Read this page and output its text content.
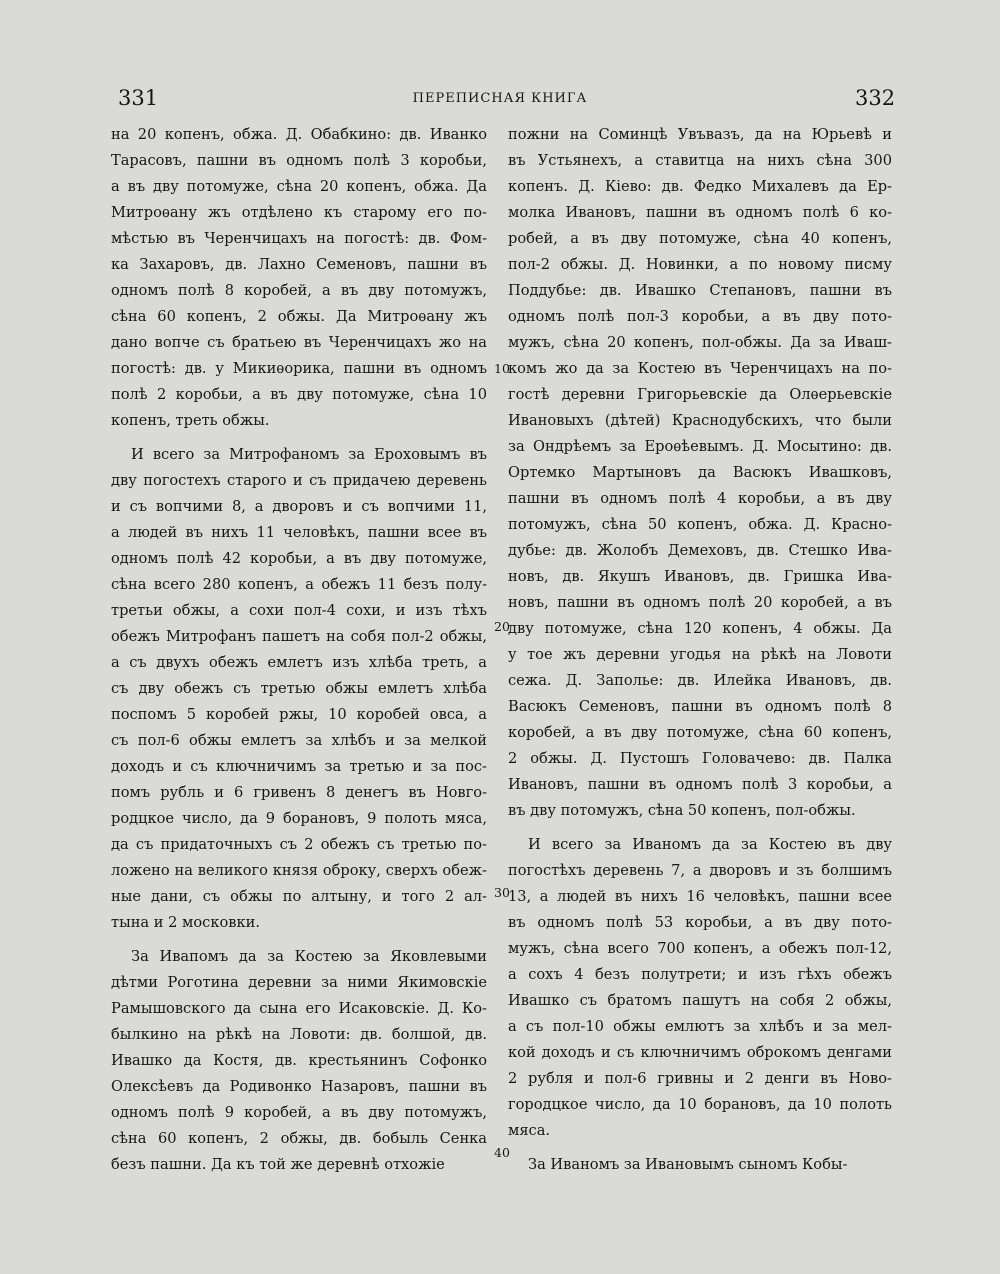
331	ПЕРЕПИСНАЯ КНИГА	332
на 20 копенъ, обжа. Д. Обабкино: дв. Иванко
Тарасовъ, пашни въ одномъ полѣ 3 коробьи,
а въ дву потомуже, сѣна 20 копенъ, обжа. Да
Митроѳану жъ отдѣлено къ старому его по-
мѣстью въ Черенчицахъ на погостѣ: дв. Фом-
ка Захаровъ, дв. Лахно Семеновъ, пашни въ
одномъ полѣ 8 коробей, а въ дву потомужъ,
сѣна 60 копенъ, 2 обжы. Да Митроѳану жъ
дано вопче съ братьею въ Черенчицахъ жо на
погостѣ: дв. у Микиѳорика, пашни въ одномъ
полѣ 2 коробьи, а въ дву потомуже, сѣна 10
копенъ, треть обжы.
И всего за Митрофаномъ за Ероховымъ въ
дву погостехъ старого и съ придачею деревень
и съ вопчими 8, а дворовъ и съ вопчими 11,
а людей въ нихъ 11 человѣкъ, пашни всее въ
одномъ полѣ 42 коробьи, а въ дву потомуже,
сѣна всего 280 копенъ, а обежъ 11 безъ полу-
третьи обжы, а сохи пол-4 сохи, и изъ тѣхъ
обежъ Митрофанъ пашетъ на собя пол-2 обжы,
а съ двухъ обежъ емлетъ изъ хлѣба треть, а
съ дву обежъ съ третью обжы емлетъ хлѣба
поспомъ 5 коробей ржы, 10 коробей овса, а
съ пол-6 обжы емлетъ за хлѣбъ и за мелкой
доходъ и съ ключничимъ за третью и за пос-
помъ рубль и 6 гривенъ 8 денегъ въ Новго-
родцкое число, да 9 борановъ, 9 полоть мяса,
да съ придаточныхъ съ 2 обежъ съ третью по-
ложено на великого князя оброку, сверхъ обеж-
ные дани, съ обжы по алтыну, и того 2 ал-
тына и 2 московки.
За Ивапомъ да за Костею за Яковлевыми
дѣтми Роготина деревни за ними Якимовскіе
Рамышовского да сына его Исаковскіе. Д. Ко-
былкино на рѣкѣ на Ловоти: дв. болшой, дв.
Ивашко да Костя, дв. крестьянинъ Софонко
Олексѣевъ да Родивонко Назаровъ, пашни въ
одномъ полѣ 9 коробей, а въ дву потомужъ,
сѣна 60 копенъ, 2 обжы, дв. бобыль Сенка
безъ пашни. Да къ той же деревнѣ отхожіе
пожни на Соминцѣ Увъвазъ, да на Юрьевѣ и
въ Устьянехъ, а ставитца на нихъ сѣна 300
копенъ. Д. Кіево: дв. Федко Михалевъ да Ер-
молка Ивановъ, пашни въ одномъ полѣ 6 ко-
робей, а въ дву потомуже, сѣна 40 копенъ,
пол-2 обжы. Д. Новинки, а по новому писму
Поддубье: дв. Ивашко Степановъ, пашни въ
одномъ полѣ пол-3 коробьи, а въ дву пото-
мужъ, сѣна 20 копенъ, пол-обжы. Да за Иваш-
комъ жо да за Костею въ Черенчицахъ на по-
гостѣ деревни Григорьевскіе да Олѳерьевскіе
Ивановыхъ (дѣтей) Краснодубскихъ, что были
за Ондрѣемъ за Ероѳѣевымъ. Д. Мосытино: дв.
Ортемко Мартыновъ да Васюкъ Ивашковъ,
пашни въ одномъ полѣ 4 коробьи, а въ дву
потомужъ, сѣна 50 копенъ, обжа. Д. Красно-
дубье: дв. Жолобъ Демеховъ, дв. Стешко Ива-
новъ, дв. Якушъ Ивановъ, дв. Гришка Ива-
новъ, пашни въ одномъ полѣ 20 коробей, а въ
дву потомуже, сѣна 120 копенъ, 4 обжы. Да
у тое жъ деревни угодья на рѣкѣ на Ловоти
сежа. Д. Заполье: дв. Илейка Ивановъ, дв.
Васюкъ Семеновъ, пашни въ одномъ полѣ 8
коробей, а въ дву потомуже, сѣна 60 копенъ,
2 обжы. Д. Пустошъ Головачево: дв. Палка
Ивановъ, пашни въ одномъ полѣ 3 коробьи, а
въ дву потомужъ, сѣна 50 копенъ, пол-обжы.
И всего за Иваномъ да за Костею въ дву
погостѣхъ деревень 7, а дворовъ и зъ болшимъ
13, а людей въ нихъ 16 человѣкъ, пашни всее
въ одномъ полѣ 53 коробьи, а въ дву пото-
мужъ, сѣна всего 700 копенъ, а обежъ пол-12,
а сохъ 4 безъ полутрети; и изъ гѣхъ обежъ
Ивашко съ братомъ пашутъ на собя 2 обжы,
а съ пол-10 обжы емлютъ за хлѣбъ и за мел-
кой доходъ и съ ключничимъ оброкомъ денгами
2 рубля и пол-6 гривны и 2 денги въ Ново-
городцкое число, да 10 борановъ, да 10 полоть
мяса.
За Иваномъ за Ивановымъ сыномъ Кобы-
10
20
30
40
